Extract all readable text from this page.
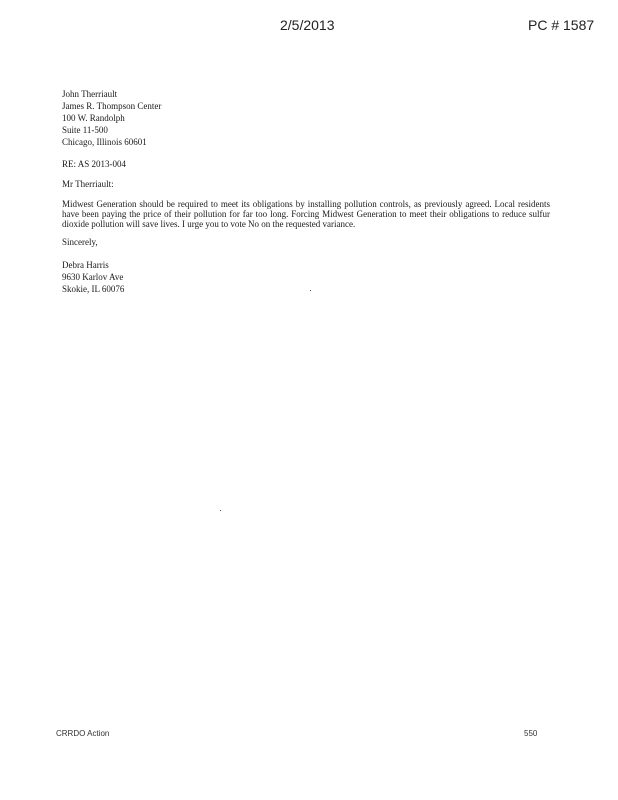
2/5/2013	PC # 1587
John Therriault
James R. Thompson Center
100 W. Randolph
Suite 11-500
Chicago, Illinois 60601
RE: AS 2013-004
Mr Therriault:
Midwest Generation should be required to meet its obligations by installing pollution controls, as previously agreed. Local residents have been paying the price of their pollution for far too long. Forcing Midwest Generation to meet their obligations to reduce sulfur dioxide pollution will save lives. I urge you to vote No on the requested variance.
Sincerely,
Debra Harris
9630 Karlov Ave
Skokie, IL 60076
CRRDO Action	550
